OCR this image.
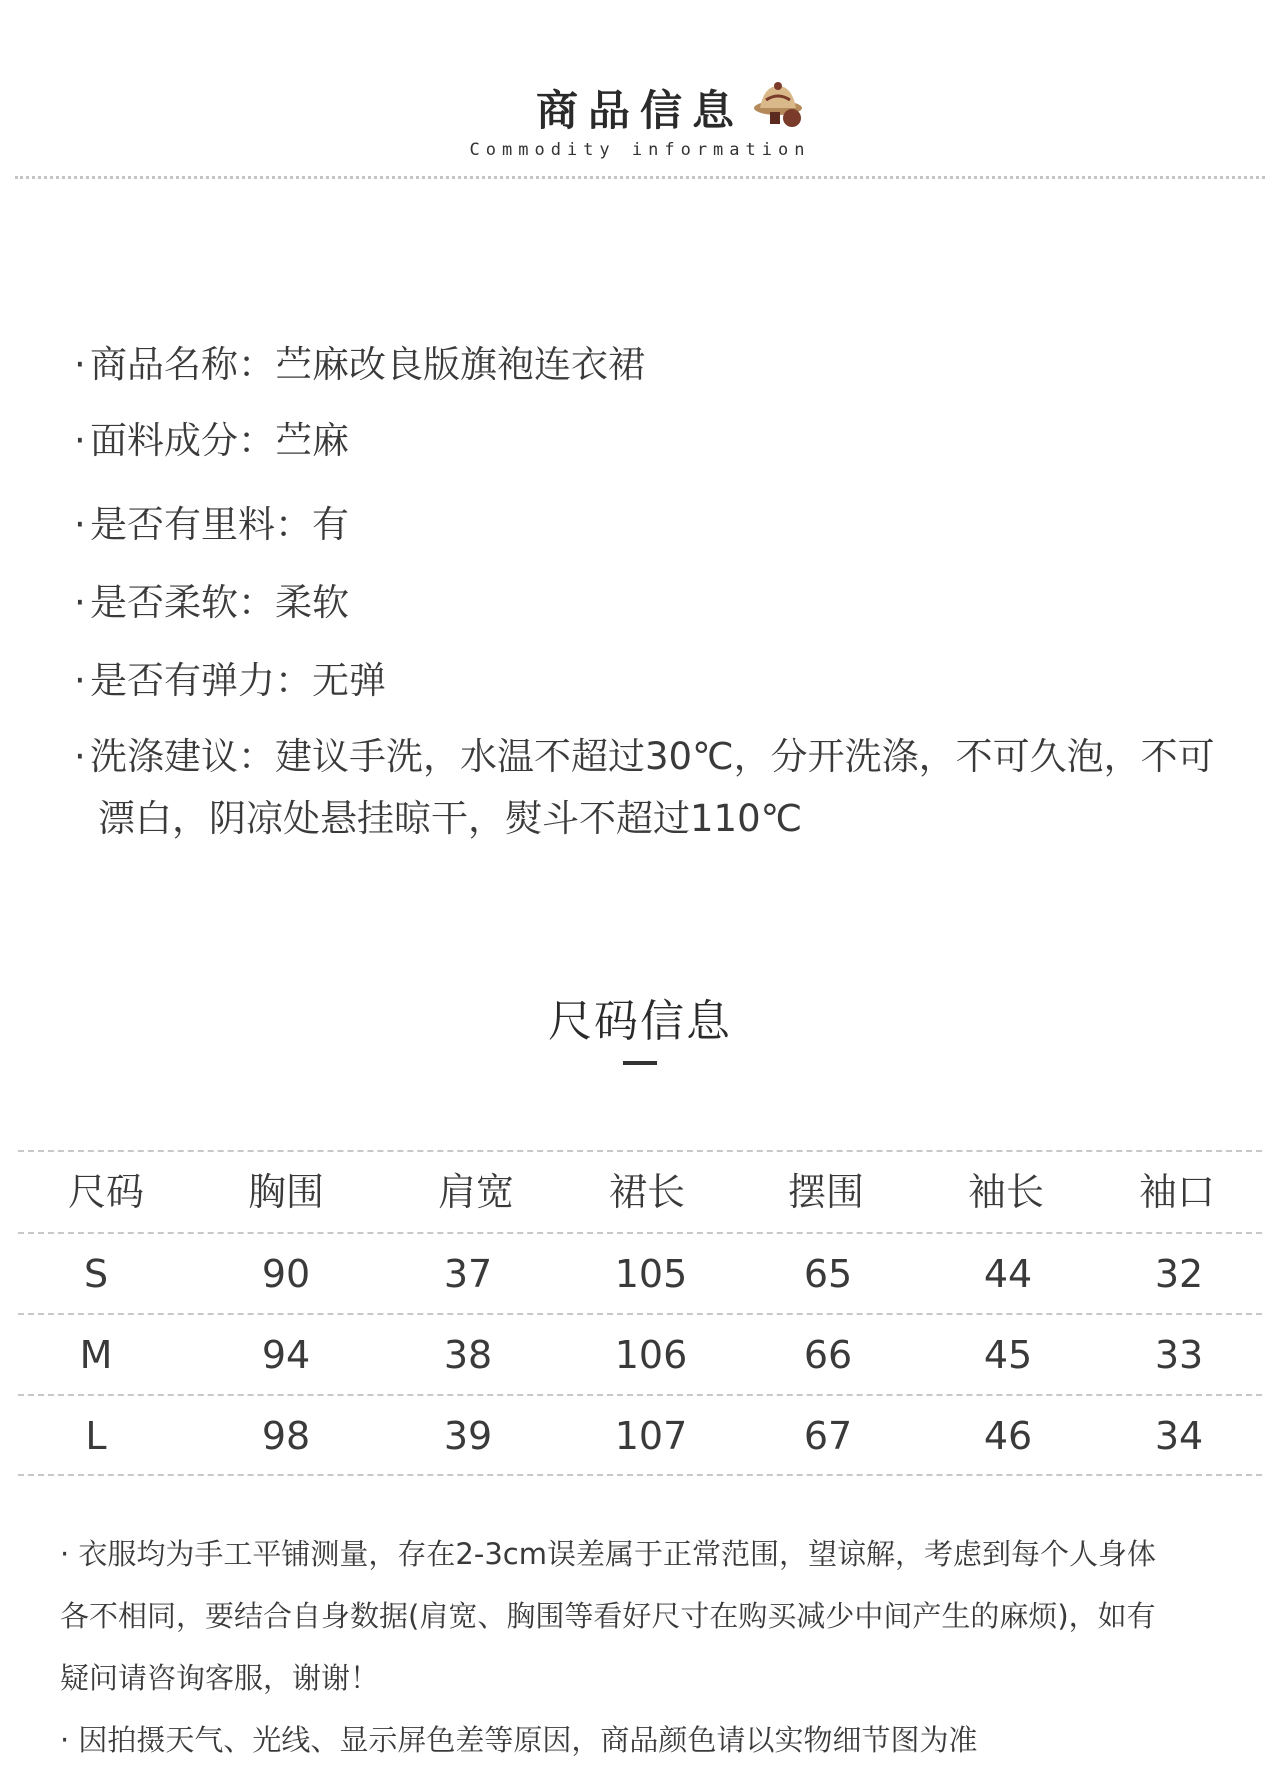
商品信息
Commodity information
· 商品名称：苎麻改良版旗袍连衣裙
· 面料成分：苎麻
· 是否有里料：有
· 是否柔软：柔软
· 是否有弹力：无弹
· 洗涤建议：建议手洗，水温不超过30℃，分开洗涤，不可久泡，不可
漂白，阴凉处悬挂晾干，熨斗不超过110℃
尺码信息
尺码	胸围	肩宽	裙长	摆围	袖长	袖口
S	90	37	105	65	44	32
M	94	38	106	66	45	33
L	98	39	107	67	46	34
· 衣服均为手工平铺测量，存在2-3cm误差属于正常范围，望谅解，考虑到每个人身体
各不相同，要结合自身数据(肩宽、胸围等看好尺寸在购买减少中间产生的麻烦)，如有
疑问请咨询客服，谢谢！
· 因拍摄天气、光线、显示屏色差等原因，商品颜色请以实物细节图为准
